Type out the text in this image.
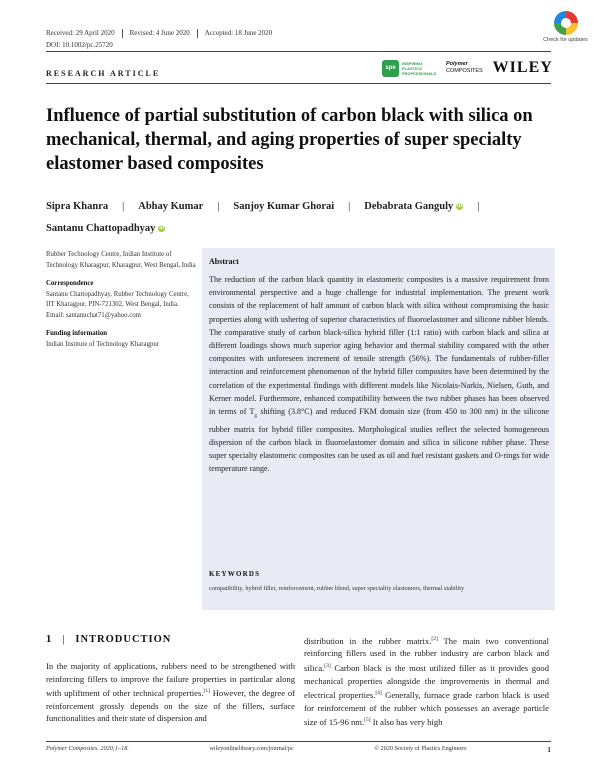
Received: 29 April 2020 Revised: 4 June 2020 Accepted: 18 June 2020
DOI: 10.1002/pc.25720
Check for updates
RESEARCH ARTICLE
spe
INSPIRING PLASTICS PROFESSIONALS
Polymer
COMPOSITES WILEY
Influence of partial substitution of carbon black with silica on mechanical, thermal, and aging properties of super specialty elastomer based composites
Sipra Khanra | Abhay Kumar | Sanjoy Kumar Ghorai | Debabrata Ganguly iD |
Santanu Chattopadhyay iD
Rubber Technology Centre, Indian Institute of Technology Kharagpur, Kharagpur, West Bengal, India
Correspondence
Santanu Chattopadhyay, Rubber Technology Centre, IIT Kharagpur, PIN-721302, West Bengal, India.
Email: santanuchat71@yahoo.com
Funding information
Indian Institute of Technology Kharagpur
Abstract
The reduction of the carbon black quantity in elastomeric composites is a massive requirement from environmental perspective and a huge challenge for industrial implementation. The present work consists of the replacement of half amount of carbon black with silica without compromising the basic properties along with ushering of superior characteristics of fluoroelastomer and silicone rubber blends. The comparative study of carbon black-silica hybrid filler (1:1 ratio) with carbon black and silica at different loadings shows much superior aging behavior and thermal stability compared with the other composites with unforeseen increment of tensile strength (56%). The fundamentals of rubber-filler interaction and reinforcement phenomenon of the hybrid filler composites have been determined by the correlation of the experimental findings with different models like Nicolais-Narkis, Nielsen, Guth, and Kerner model. Furthermore, enhanced compatibility between the two rubber phases has been observed in terms of $T_g$ shifting (3.8°C) and reduced FKM domain size (from 450 to 300 nm) in the silicone rubber matrix for hybrid filler composites. Morphological studies reflect the selected homogeneous dispersion of the carbon black in fluoroelastomer domain and silica in silicone rubber phase. These super specialty elastomeric composites can be used as oil and fuel resistant gaskets and O-rings for wide temperature range.
KEYWORDS
compatibility, hybrid filler, reinforcement, rubber blend, super speciality elastomers, thermal stability
1 | INTRODUCTION
In the majority of applications, rubbers need to be strengthened with reinforcing fillers to improve the failure properties in particular along with upliftment of other technical properties.[1] However, the degree of reinforcement grossly depends on the size of the fillers, surface functionalities and their state of dispersion and
distribution in the rubber matrix.[2] The main two conventional reinforcing fillers used in the rubber industry are carbon black and silica.[3] Carbon black is the most utilized filler as it provides good mechanical properties alongside the improvements in thermal and electrical properties.[4] Generally, furnace grade carbon black is used for reinforcement of the rubber which possesses an average particle size of 15-96 nm.[5] It also has very high
Polymer Composites. 2020;1–18.	wileyonlinelibrary.com/journal/pc	© 2020 Society of Plastics Engineers	1
